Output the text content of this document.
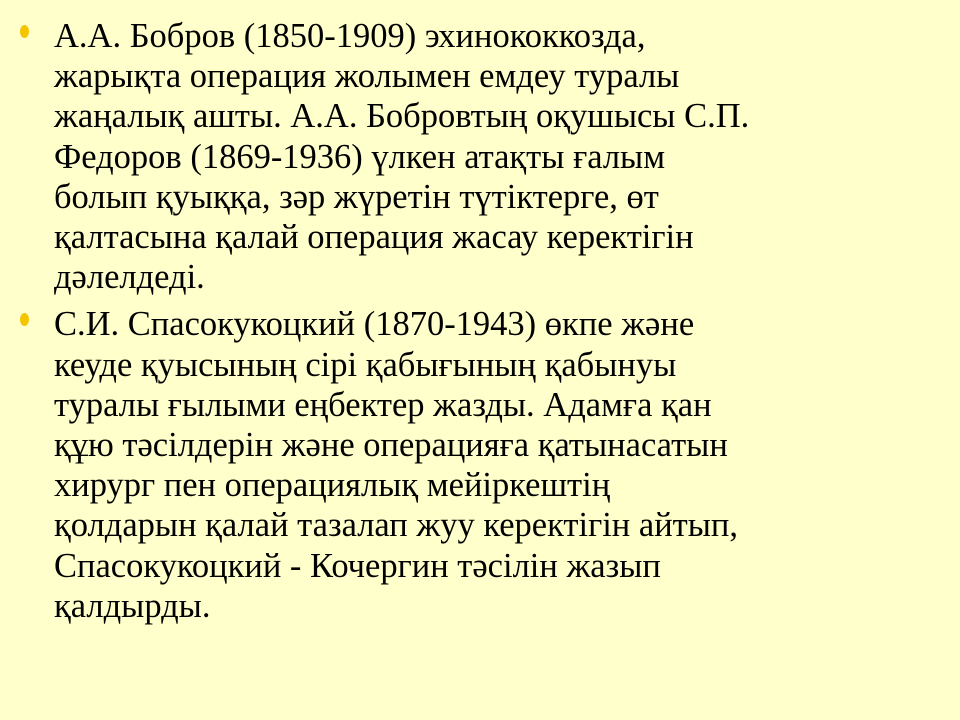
А.А. Бобров (1850-1909) эхинококкозда,
жарықта операция жолымен емдеу туралы
жаңалық ашты. А.А. Бобровтың оқушысы С.П.
Федоров (1869-1936) үлкен атақты ғалым
болып қуыққа, зәр жүретін түтіктерге, өт
қалтасына қалай операция жасау керектігін
дәлелдеді.

С.И. Спасокукоцкий (1870-1943) өкпе және
кеуде қуысының сірі қабығының қабынуы
туралы ғылыми еңбектер жазды. Адамға қан
құю тәсілдерін және операцияға қатынасатын
хирург пен операциялық мейіркештің
қолдарын қалай тазалап жуу керектігін айтып,
Спасокукоцкий - Кочергин тәсілін жазып
қалдырды.
